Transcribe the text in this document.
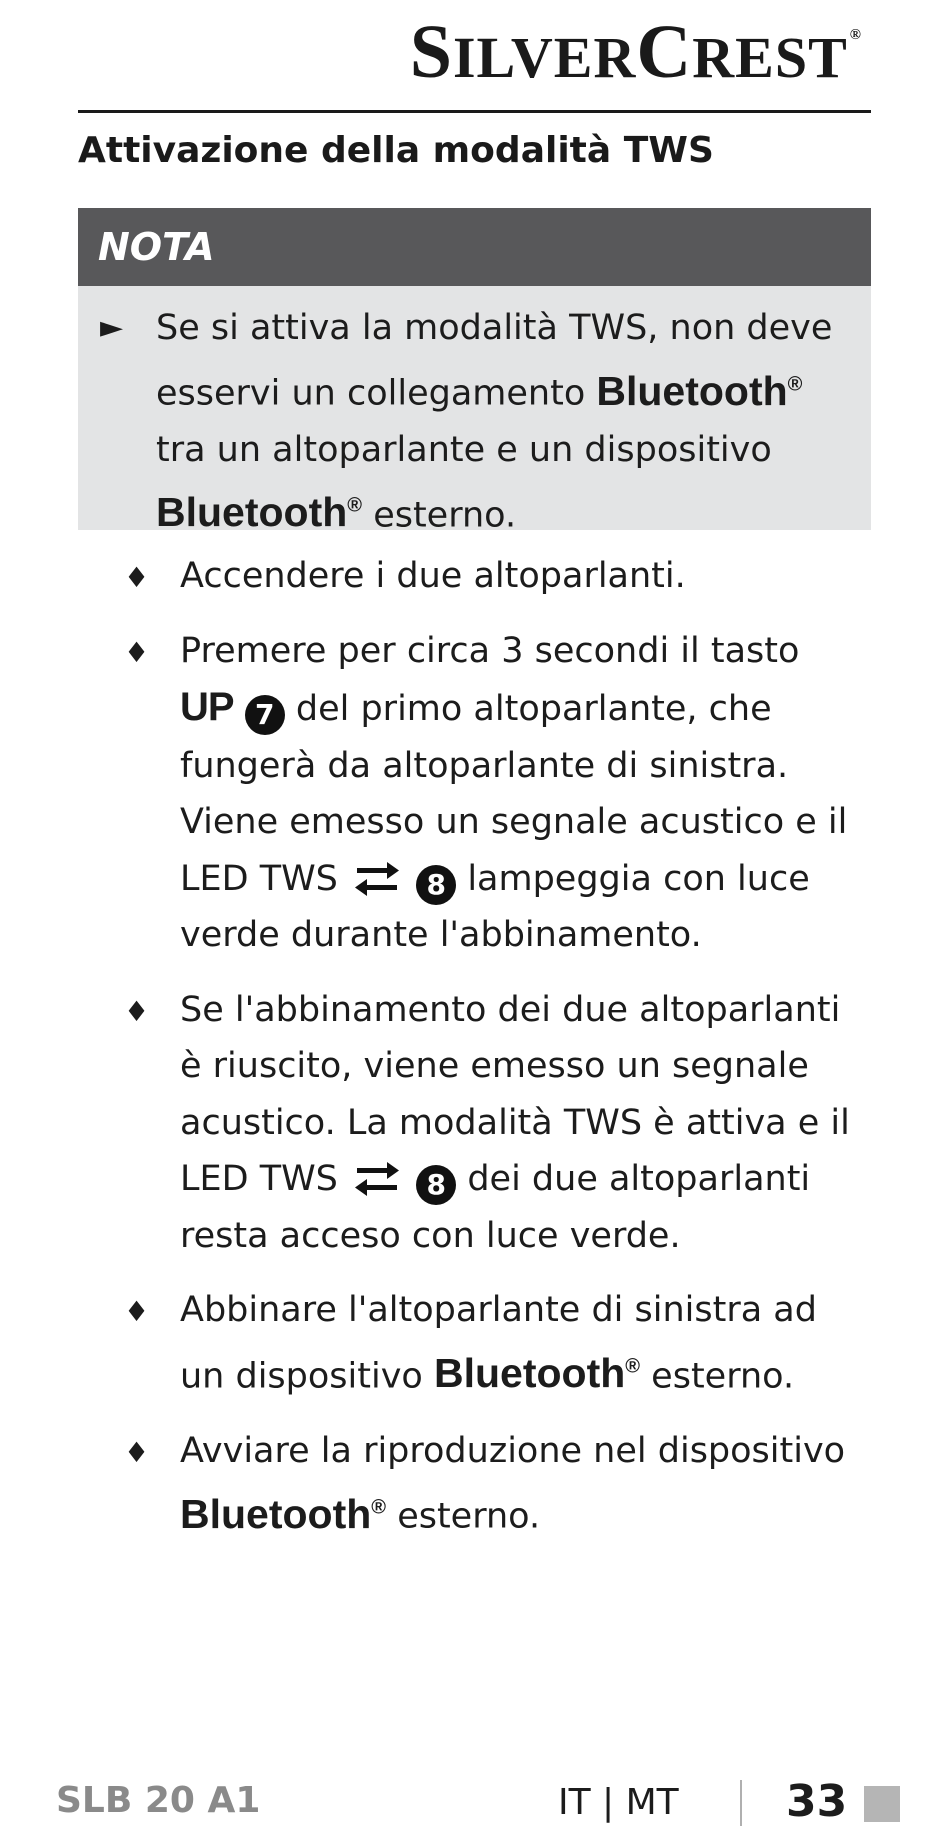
SILVERCREST ®
Attivazione della modalità TWS
NOTA
► Se si attiva la modalità TWS, non deve
esservi un collegamento Bluetooth®
tra un altoparlante e un dispositivo
Bluetooth® esterno.
♦ Accendere i due altoparlanti.
♦ Premere per circa 3 secondi il tasto UP 7 del primo altoparlante, che fungerà da altoparlante di sinistra. Viene emesso un segnale acustico e il LED TWS	8 lampeggia con luce verde durante l'abbinamento.
♦ Se l'abbinamento dei due altoparlanti è riuscito, viene emesso un segnale acustico. La modalità TWS è attiva e il LED TWS	8 dei due altoparlanti resta acceso con luce verde.
♦ Abbinare l'altoparlante di sinistra ad un dispositivo Bluetooth® esterno.
♦ Avviare la riproduzione nel dispositivo
Bluetooth® esterno.
SLB 20 A1	IT | MT 33
